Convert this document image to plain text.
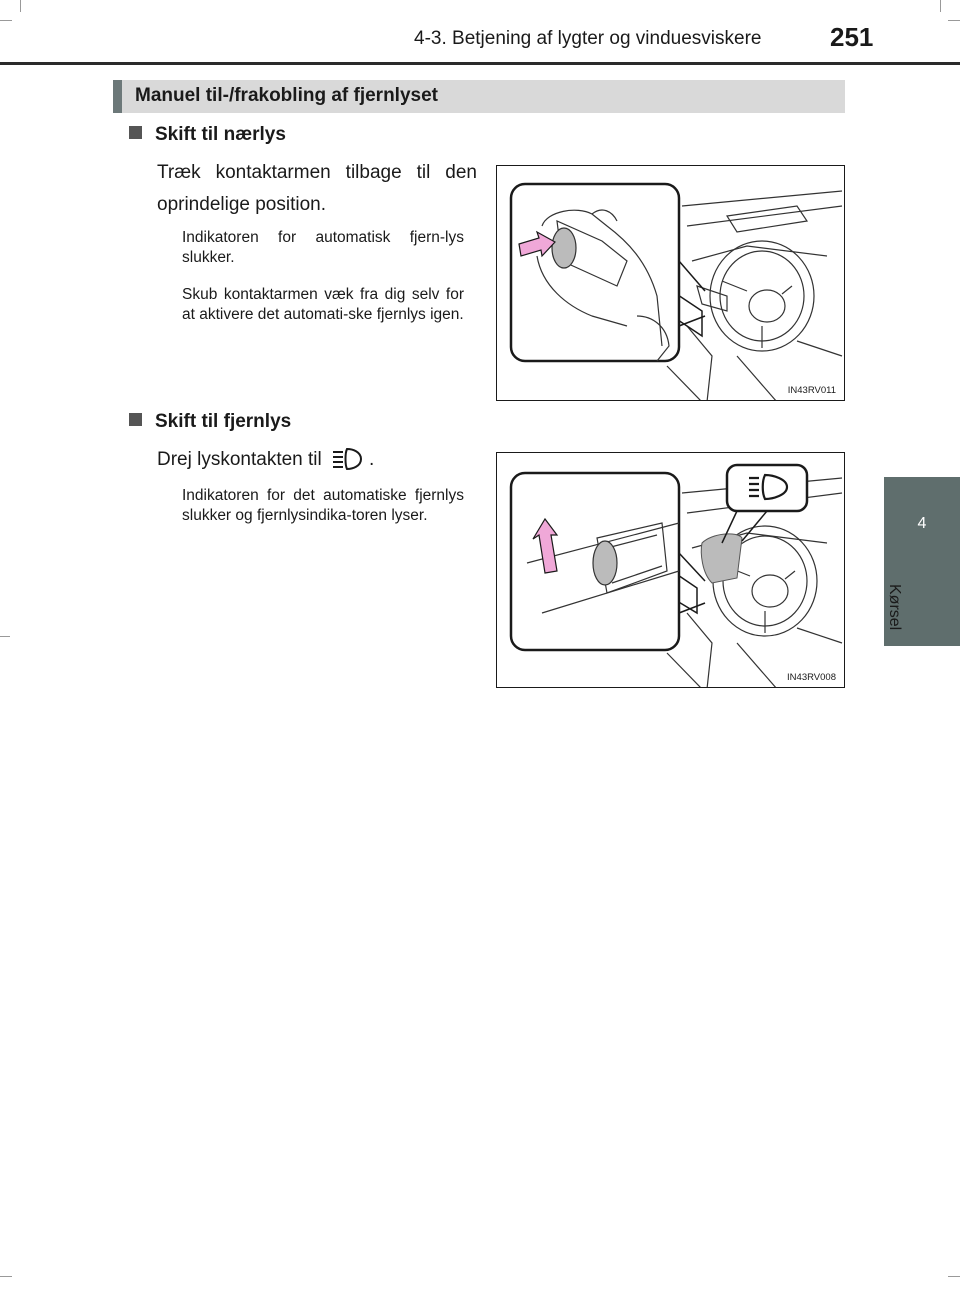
4-3. Betjening af lygter og vinduesviskere	251
4
Kørsel
Manuel til-/frakobling af fjernlyset
Skift til nærlys
Træk kontaktarmen tilbage til den oprindelige position.
Indikatoren for automatisk fjern-lys slukker.
Skub kontaktarmen væk fra dig selv for at aktivere det automati-ske fjernlys igen.
IN43RV011
Skift til fjernlys
Drej lyskontakten til .
Indikatoren for det automatiske fjernlys slukker og fjernlysindika-toren lyser.
IN43RV008
